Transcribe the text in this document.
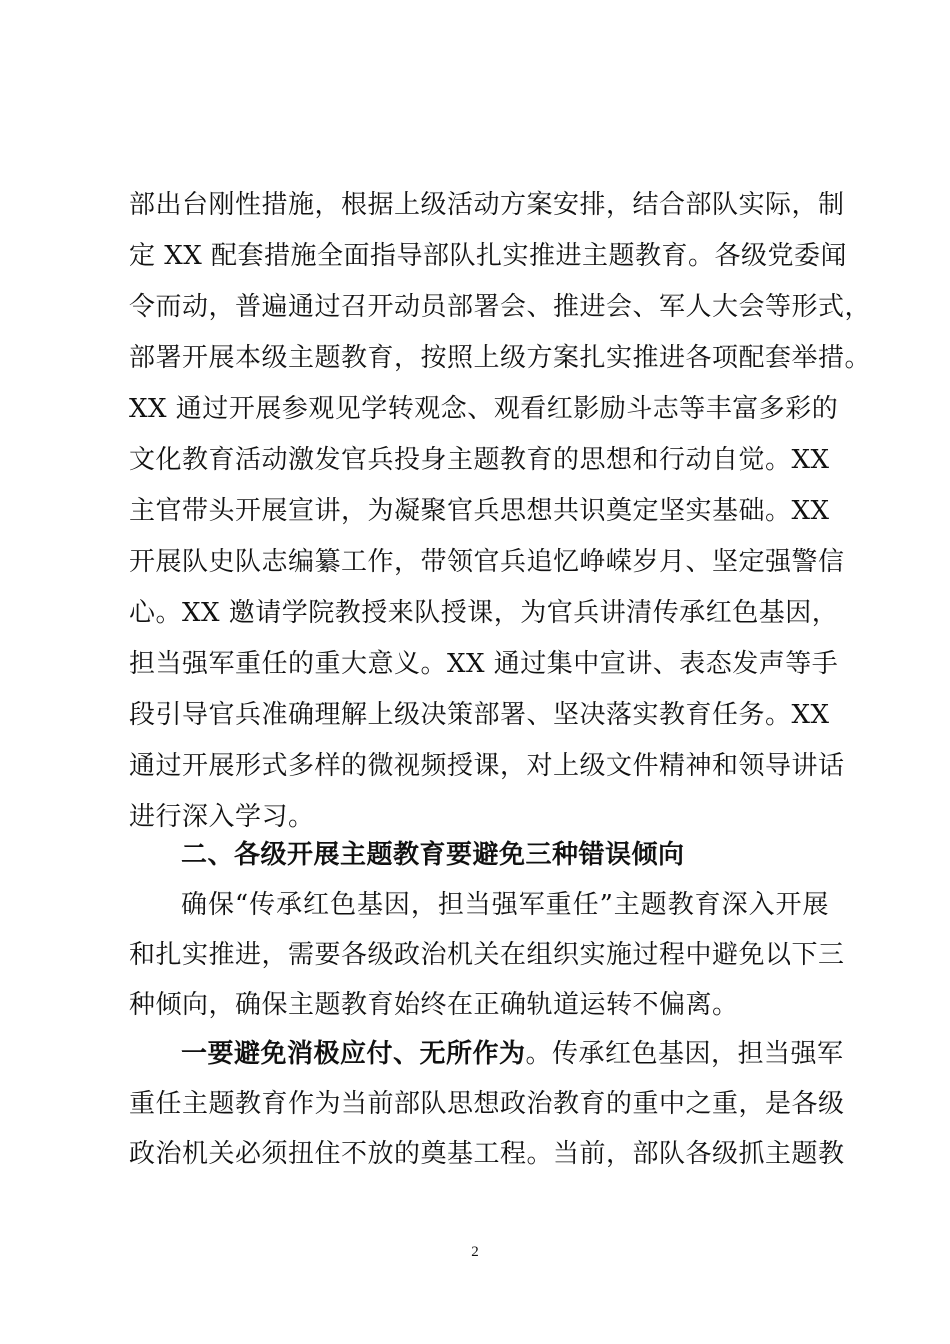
部出台刚性措施，根据上级活动方案安排，结合部队实际，制
定 XX 配套措施全面指导部队扎实推进主题教育。各级党委闻
令而动，普遍通过召开动员部署会、推进会、军人大会等形式，
部署开展本级主题教育，按照上级方案扎实推进各项配套举措。
XX 通过开展参观见学转观念、观看红影励斗志等丰富多彩的
文化教育活动激发官兵投身主题教育的思想和行动自觉。XX
主官带头开展宣讲，为凝聚官兵思想共识奠定坚实基础。XX
开展队史队志编纂工作，带领官兵追忆峥嵘岁月、坚定强警信
心。XX 邀请学院教授来队授课，为官兵讲清传承红色基因，
担当强军重任的重大意义。XX 通过集中宣讲、表态发声等手
段引导官兵准确理解上级决策部署、坚决落实教育任务。XX
通过开展形式多样的微视频授课，对上级文件精神和领导讲话
进行深入学习。
二、各级开展主题教育要避免三种错误倾向
确保“传承红色基因，担当强军重任”主题教育深入开展
和扎实推进，需要各级政治机关在组织实施过程中避免以下三
种倾向，确保主题教育始终在正确轨道运转不偏离。
一要避免消极应付、无所作为。传承红色基因，担当强军
重任主题教育作为当前部队思想政治教育的重中之重，是各级
政治机关必须扭住不放的奠基工程。当前，部队各级抓主题教
2
